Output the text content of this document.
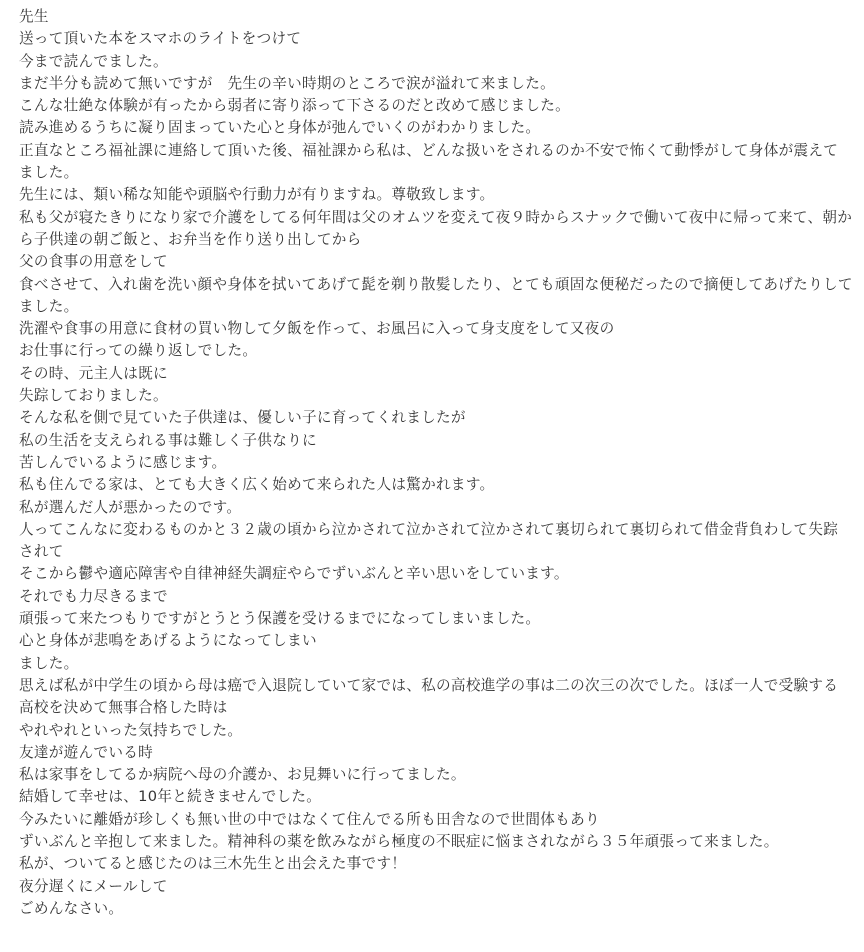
先生
送って頂いた本をスマホのライトをつけて
今まで読んでました。
まだ半分も読めて無いですが　先生の辛い時期のところで涙が溢れて来ました。
こんな壮絶な体験が有ったから弱者に寄り添って下さるのだと改めて感じました。
読み進めるうちに凝り固まっていた心と身体が弛んでいくのがわかりました。
正直なところ福祉課に連絡して頂いた後、福祉課から私は、どんな扱いをされるのか不安で怖くて動悸がして身体が震えてました。
先生には、類い稀な知能や頭脳や行動力が有りますね。尊敬致します。
私も父が寝たきりになり家で介護をしてる何年間は父のオムツを変えて夜９時からスナックで働いて夜中に帰って来て、朝から子供達の朝ご飯と、お弁当を作り送り出してから
父の食事の用意をして
食べさせて、入れ歯を洗い顔や身体を拭いてあげて髭を剃り散髪したり、とても頑固な便秘だったので摘便してあげたりしてました。
洗濯や食事の用意に食材の買い物して夕飯を作って、お風呂に入って身支度をして又夜の
お仕事に行っての繰り返しでした。
その時、元主人は既に
失踪しておりました。
そんな私を側で見ていた子供達は、優しい子に育ってくれましたが
私の生活を支えられる事は難しく子供なりに
苦しんでいるように感じます。
私も住んでる家は、とても大きく広く始めて来られた人は驚かれます。
私が選んだ人が悪かったのです。
人ってこんなに変わるものかと３２歳の頃から泣かされて泣かされて泣かされて裏切られて裏切られて借金背負わして失踪されて
そこから鬱や適応障害や自律神経失調症やらでずいぶんと辛い思いをしています。
それでも力尽きるまで
頑張って来たつもりですがとうとう保護を受けるまでになってしまいました。
心と身体が悲鳴をあげるようになってしまい
ました。
思えば私が中学生の頃から母は癌で入退院していて家では、私の高校進学の事は二の次三の次でした。ほぼ一人で受験する高校を決めて無事合格した時は
やれやれといった気持ちでした。
友達が遊んでいる時
私は家事をしてるか病院へ母の介護か、お見舞いに行ってました。
結婚して幸せは、10年と続きませんでした。
今みたいに離婚が珍しくも無い世の中ではなくて住んでる所も田舎なので世間体もあり
ずいぶんと辛抱して来ました。精神科の薬を飲みながら極度の不眠症に悩まされながら３５年頑張って来ました。
私が、ついてると感じたのは三木先生と出会えた事です！
夜分遅くにメールして
ごめんなさい。
